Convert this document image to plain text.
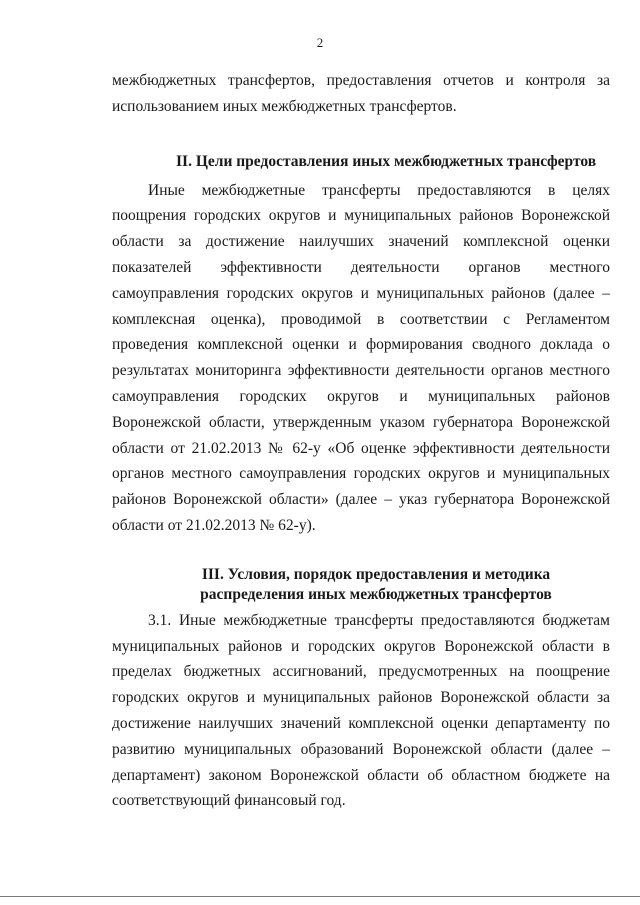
2

межбюджетных трансфертов, предоставления отчетов и контроля за использованием иных межбюджетных трансфертов.

II. Цели предоставления иных межбюджетных трансфертов

Иные межбюджетные трансферты предоставляются в целях поощрения городских округов и муниципальных районов Воронежской области за достижение наилучших значений комплексной оценки показателей эффективности деятельности органов местного самоуправления городских округов и муниципальных районов (далее – комплексная оценка), проводимой в соответствии с Регламентом проведения комплексной оценки и формирования сводного доклада о результатах мониторинга эффективности деятельности органов местного самоуправления городских округов и муниципальных районов Воронежской области, утвержденным указом губернатора Воронежской области от 21.02.2013 № 62-у «Об оценке эффективности деятельности органов местного самоуправления городских округов и муниципальных районов Воронежской области» (далее – указ губернатора Воронежской области от 21.02.2013 № 62-у).

III. Условия, порядок предоставления и методика
распределения иных межбюджетных трансфертов

3.1. Иные межбюджетные трансферты предоставляются бюджетам муниципальных районов и городских округов Воронежской области в пределах бюджетных ассигнований, предусмотренных на поощрение городских округов и муниципальных районов Воронежской области за достижение наилучших значений комплексной оценки департаменту по развитию муниципальных образований Воронежской области (далее – департамент) законом Воронежской области об областном бюджете на соответствующий финансовый год.
